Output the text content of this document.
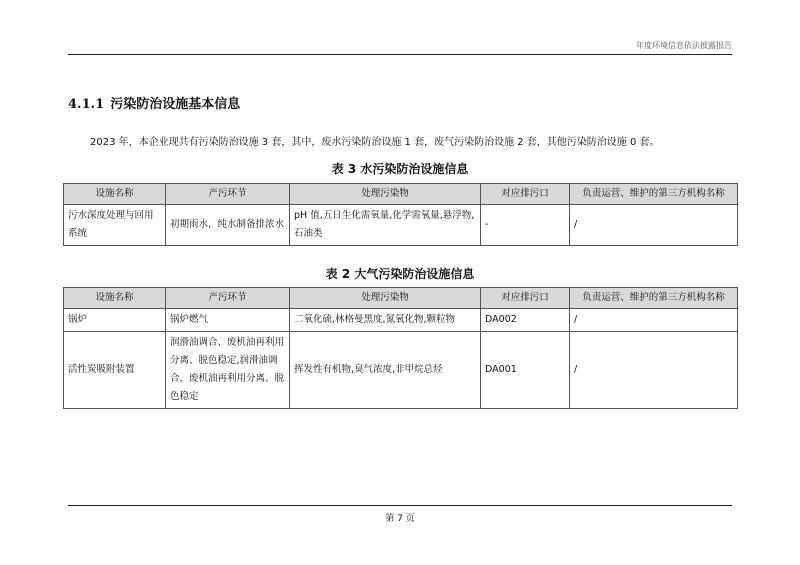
年度环境信息依法披露报告
4.1.1 污染防治设施基本信息
2023 年，本企业现共有污染防治设施 3 套，其中，废水污染防治设施 1 套，废气污染防治设施 2 套，其他污染防治设施 0 套。
表 3 水污染防治设施信息
设施名称	产污环节	处理污染物	对应排污口	负责运营、维护的第三方机构名称
污水深度处理与回用系统	初期雨水，纯水制备排浓水	pH 值,五日生化需氧量,化学需氧量,悬浮物,石油类	-	/
表 2 大气污染防治设施信息
设施名称	产污环节	处理污染物	对应排污口	负责运营、维护的第三方机构名称
锅炉	锅炉燃气	二氧化硫,林格曼黑度,氮氧化物,颗粒物	DA002	/
活性炭吸附装置	润滑油调合、废机油再利用分离、脱色稳定,润滑油调合，废机油再利用分离、脱色稳定	挥发性有机物,臭气浓度,非甲烷总烃	DA001	/
第 7 页
